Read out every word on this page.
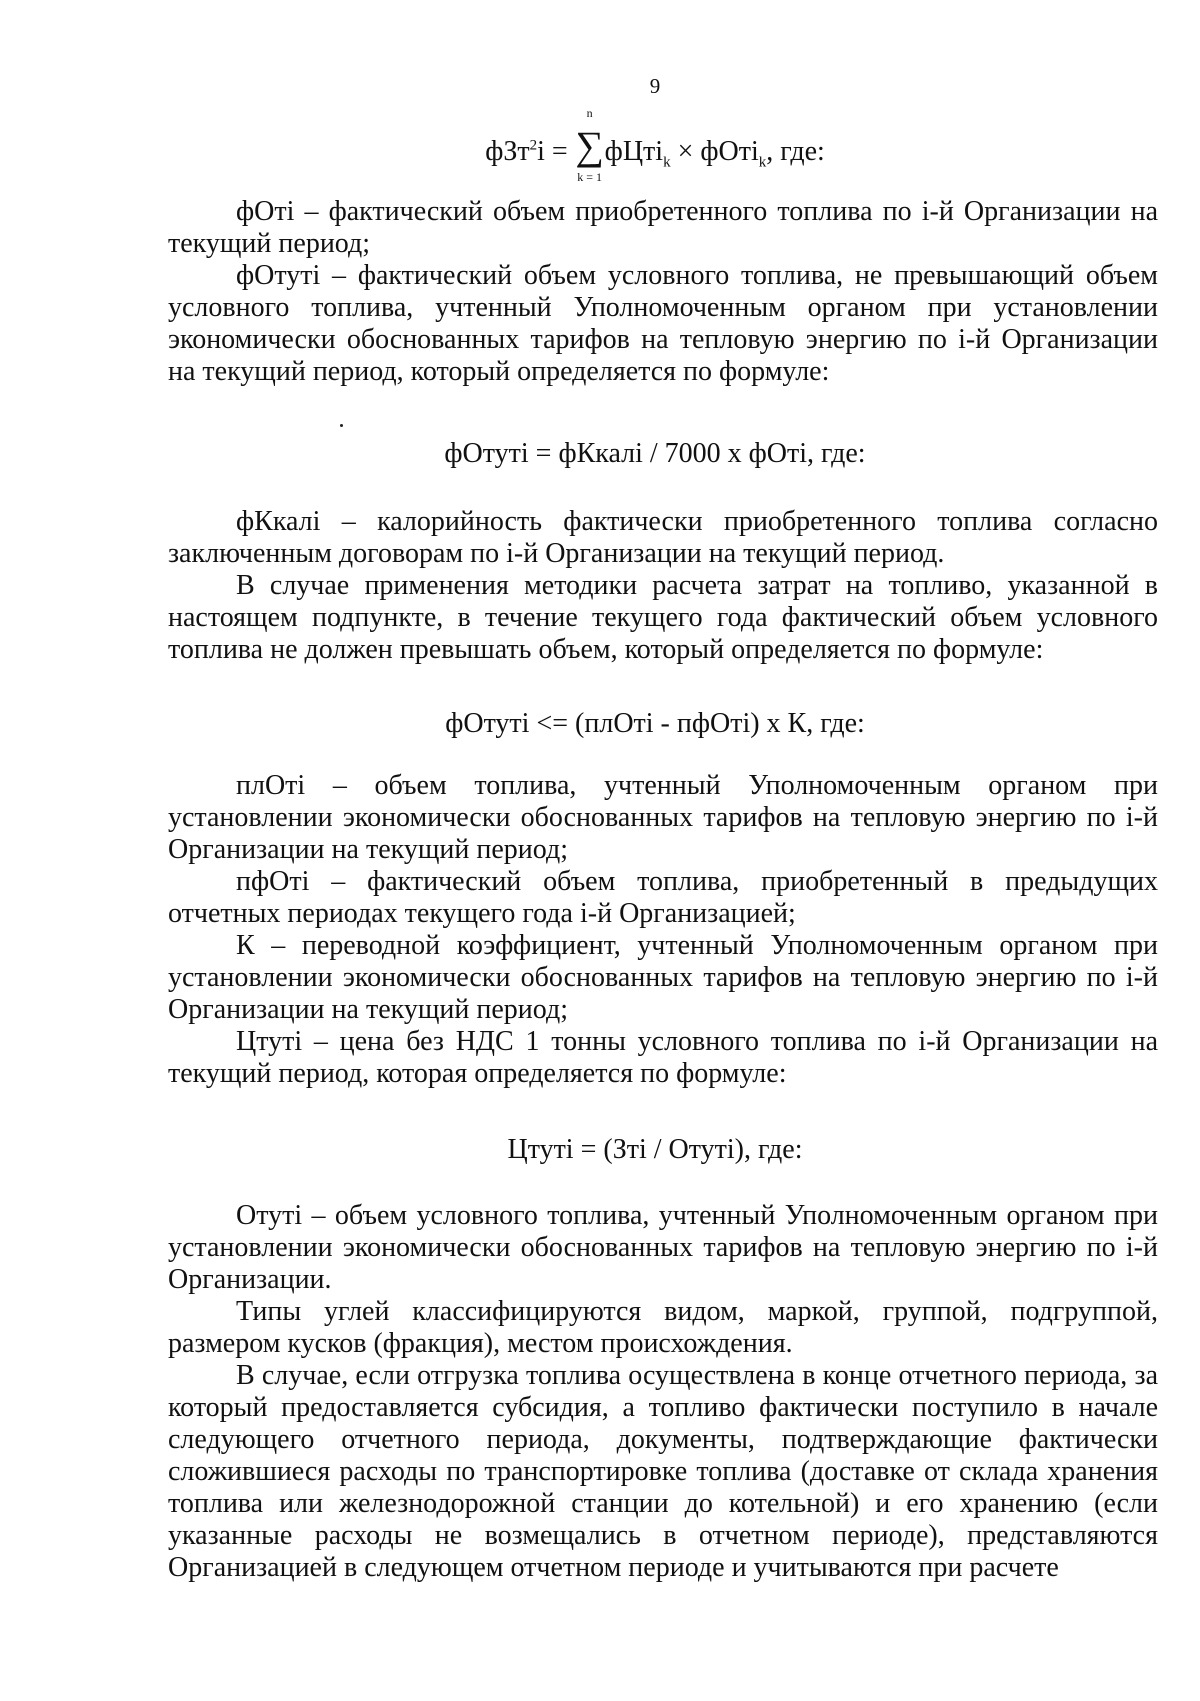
9
фЗт$^2$i =
n
∑
k = 1
фЦтi$_k$ × фОтi$_k$, где:

фОтi – фактический объем приобретенного топлива по i-й Организации на текущий период;

фОтутi – фактический объем условного топлива, не превышающий объем условного топлива, учтенный Уполномоченным органом при установлении экономически обоснованных тарифов на тепловую энергию по i-й Организации на текущий период, который определяется по формуле:

фОтутi = фКкалi / 7000 x фОтi, где:

фКкалi – калорийность фактически приобретенного топлива согласно заключенным договорам по i-й Организации на текущий период.

В случае применения методики расчета затрат на топливо, указанной в настоящем подпункте, в течение текущего года фактический объем условного топлива не должен превышать объем, который определяется по формуле:

фОтутi <= (плОтi - пфОтi) x К, где:

плОтi – объем топлива, учтенный Уполномоченным органом при установлении экономически обоснованных тарифов на тепловую энергию по i-й Организации на текущий период;

пфОтi – фактический объем топлива, приобретенный в предыдущих отчетных периодах текущего года i-й Организацией;

К – переводной коэффициент, учтенный Уполномоченным органом при установлении экономически обоснованных тарифов на тепловую энергию по i-й Организации на текущий период;

Цтутi – цена без НДС 1 тонны условного топлива по i-й Организации на текущий период, которая определяется по формуле:

Цтутi = (Зтi / Отутi), где:

Отутi – объем условного топлива, учтенный Уполномоченным органом при установлении экономически обоснованных тарифов на тепловую энергию по i-й Организации.

Типы углей классифицируются видом, маркой, группой, подгруппой, размером кусков (фракция), местом происхождения.

В случае, если отгрузка топлива осуществлена в конце отчетного периода, за который предоставляется субсидия, а топливо фактически поступило в начале следующего отчетного периода, документы, подтверждающие фактически сложившиеся расходы по транспортировке топлива (доставке от склада хранения топлива или железнодорожной станции до котельной) и его хранению (если указанные расходы не возмещались в отчетном периоде), представляются Организацией в следующем отчетном периоде и учитываются при расчете
